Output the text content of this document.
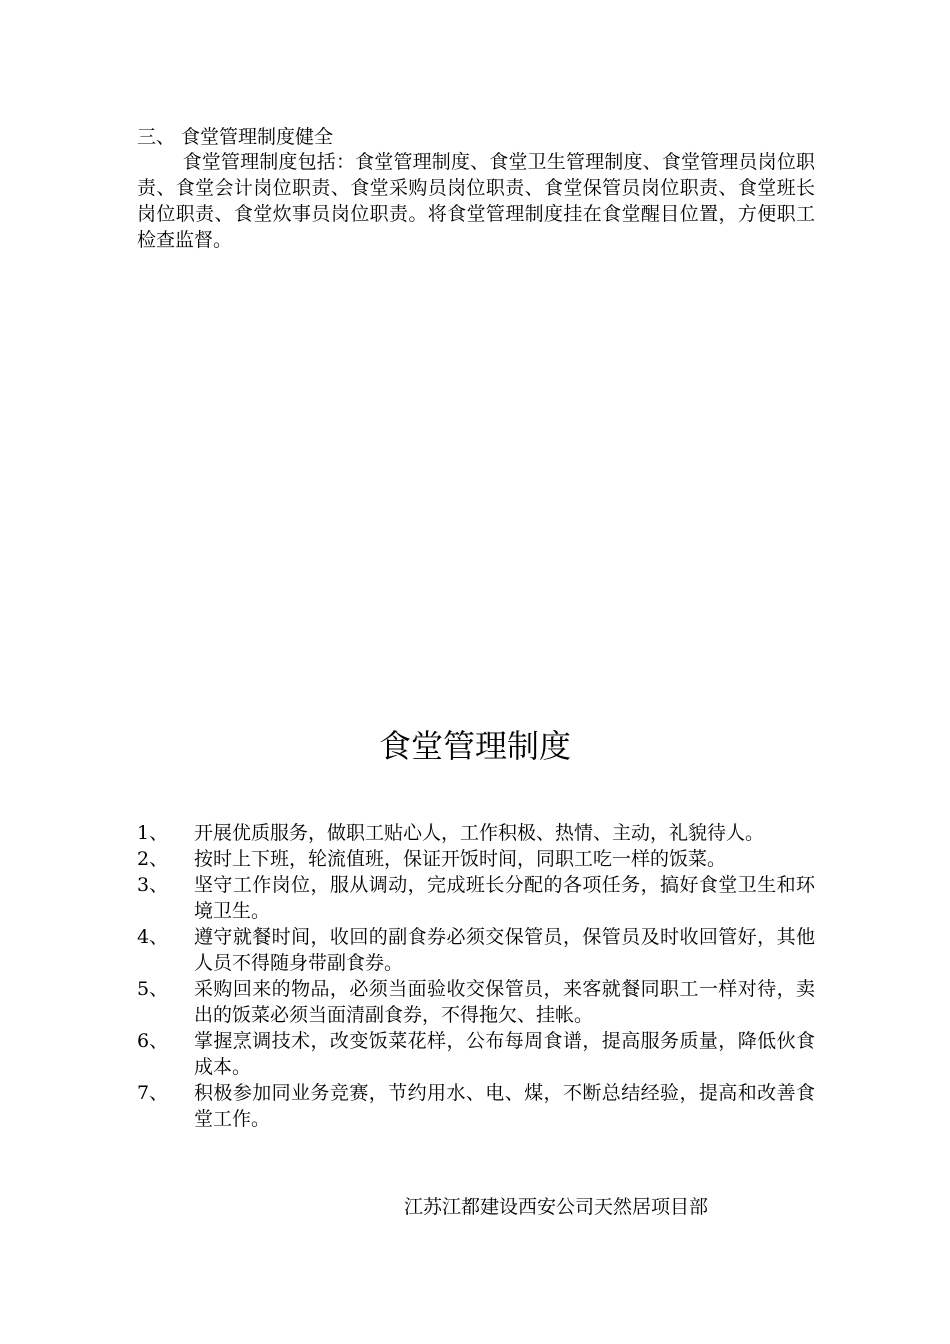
三、 食堂管理制度健全
食堂管理制度包括：食堂管理制度、食堂卫生管理制度、食堂管理员岗位职责、食堂会计岗位职责、食堂采购员岗位职责、食堂保管员岗位职责、食堂班长岗位职责、食堂炊事员岗位职责。将食堂管理制度挂在食堂醒目位置，方便职工检查监督。
食堂管理制度
1、	开展优质服务，做职工贴心人，工作积极、热情、主动，礼貌待人。
2、	按时上下班，轮流值班，保证开饭时间，同职工吃一样的饭菜。
3、	坚守工作岗位，服从调动，完成班长分配的各项任务，搞好食堂卫生和环境卫生。
4、	遵守就餐时间，收回的副食券必须交保管员，保管员及时收回管好，其他人员不得随身带副食券。
5、	采购回来的物品，必须当面验收交保管员，来客就餐同职工一样对待，卖出的饭菜必须当面清副食券，不得拖欠、挂帐。
6、	掌握烹调技术，改变饭菜花样，公布每周食谱，提高服务质量，降低伙食成本。
7、	积极参加同业务竞赛，节约用水、电、煤，不断总结经验，提高和改善食堂工作。
江苏江都建设西安公司天然居项目部
